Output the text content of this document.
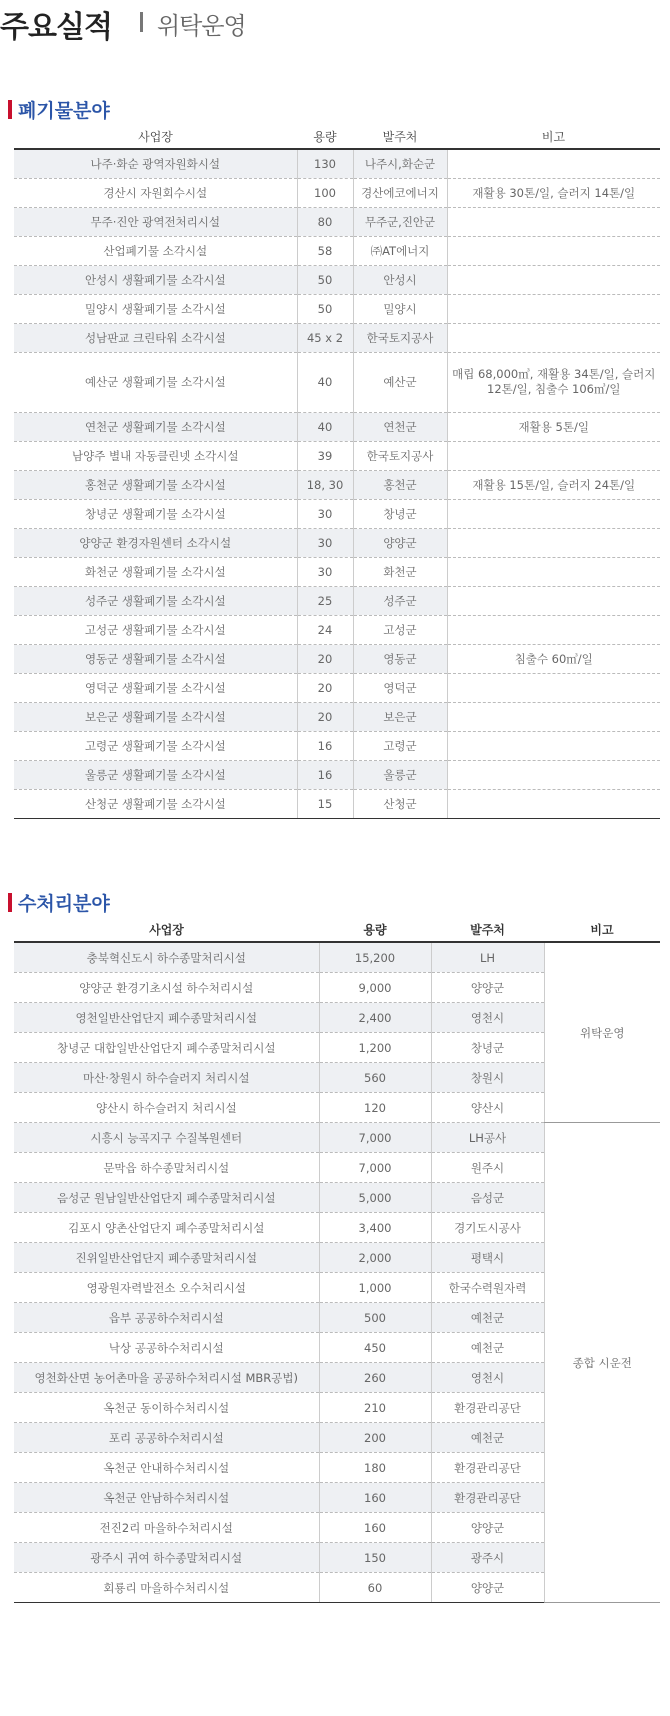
주요실적 위탁운영
폐기물분야
사업장	용량	발주처	비고
나주·화순 광역자원화시설	130	나주시,화순군	
경산시 자원회수시설	100	경산에코에너지	재활용 30톤/일, 슬러지 14톤/일
무주·진안 광역전처리시설	80	무주군,진안군	
산업폐기물 소각시설	58	㈜AT에너지	
안성시 생활폐기물 소각시설	50	안성시	
밀양시 생활폐기물 소각시설	50	밀양시	
성남판교 크린타워 소각시설	45 x 2	한국토지공사	
예산군 생활폐기물 소각시설	40	예산군	매립 68,000㎥, 재활용 34톤/일, 슬러지 12톤/일, 침출수 106㎥/일
연천군 생활폐기물 소각시설	40	연천군	재활용 5톤/일
남양주 별내 자동클린넷 소각시설	39	한국토지공사	
홍천군 생활폐기물 소각시설	18, 30	홍천군	재활용 15톤/일, 슬러지 24톤/일
창녕군 생활폐기물 소각시설	30	창녕군	
양양군 환경자원센터 소각시설	30	양양군	
화천군 생활폐기물 소각시설	30	화천군	
성주군 생활폐기물 소각시설	25	성주군	
고성군 생활폐기물 소각시설	24	고성군	
영동군 생활폐기물 소각시설	20	영동군	침출수 60㎥/일
영덕군 생활폐기물 소각시설	20	영덕군	
보은군 생활폐기물 소각시설	20	보은군	
고령군 생활폐기물 소각시설	16	고령군	
울릉군 생활폐기물 소각시설	16	울릉군	
산청군 생활폐기물 소각시설	15	산청군	
수처리분야
사업장	용량	발주처	비고
충북혁신도시 하수종말처리시설	15,200	LH	위탁운영
양양군 환경기초시설 하수처리시설	9,000	양양군	
영천일반산업단지 폐수종말처리시설	2,400	영천시	
창녕군 대합일반산업단지 폐수종말처리시설	1,200	창녕군	
마산·창원시 하수슬러지 처리시설	560	창원시	
양산시 하수슬러지 처리시설	120	양산시	
시흥시 능곡지구 수질복원센터	7,000	LH공사	종합 시운전
문막읍 하수종말처리시설	7,000	원주시	
음성군 원남일반산업단지 폐수종말처리시설	5,000	음성군	
김포시 양촌산업단지 폐수종말처리시설	3,400	경기도시공사	
진위일반산업단지 폐수종말처리시설	2,000	평택시	
영광원자력발전소 오수처리시설	1,000	한국수력원자력	
읍부 공공하수처리시설	500	예천군	
낙상 공공하수처리시설	450	예천군	
영천화산면 농어촌마을 공공하수처리시설 MBR공법)	260	영천시	
옥천군 동이하수처리시설	210	환경관리공단	
포리 공공하수처리시설	200	예천군	
옥천군 안내하수처리시설	180	환경관리공단	
옥천군 안남하수처리시설	160	환경관리공단	
전진2리 마을하수처리시설	160	양양군	
광주시 귀여 하수종말처리시설	150	광주시	
회룡리 마을하수처리시설	60	양양군	
